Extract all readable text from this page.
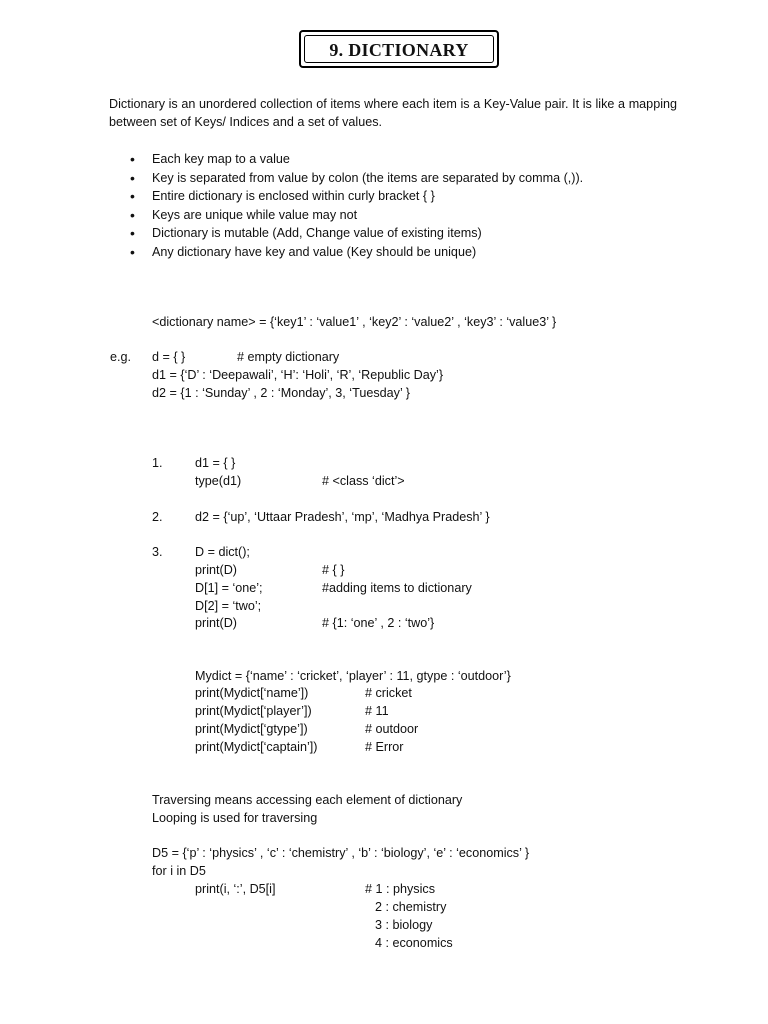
9. DICTIONARY
Dictionary is an unordered collection of items where each item is a Key-Value pair. It is like a mapping between set of Keys/ Indices and a set of values.
• Each key map to a value
• Key is separated from value by colon (the items are separated by comma (,)).
• Entire dictionary is enclosed within curly bracket { }
• Keys are unique while value may not
• Dictionary is mutable (Add, Change value of existing items)
• Any dictionary have key and value (Key should be unique)
<dictionary name> = {‘key1’ : ‘value1’ , ‘key2’ : ‘value2’ , ‘key3’ : ‘value3’ }
e.g. d = { }	# empty dictionary
d1 = {‘D’ : ‘Deepawali’, ‘H’: ‘Holi’, ‘R’, ‘Republic Day’}
d2 = {1 : ‘Sunday’ , 2 : ‘Monday’, 3, ‘Tuesday’ }
1.	d1 = { }
type(d1)	# <class ‘dict’>
2.	d2 = {‘up’, ‘Uttaar Pradesh’, ‘mp’, ‘Madhya Pradesh’ }
3.	D = dict();
print(D)	# { }
D[1] = ‘one’;	#adding items to dictionary
D[2] = ‘two’;
print(D)	# {1: ‘one’ , 2 : ‘two’}
Mydict = {‘name’ : ‘cricket’, ‘player’ : 11, gtype : ‘outdoor’}
print(Mydict[‘name’])	# cricket
print(Mydict[‘player’])	# 11
print(Mydict[‘gtype’])	# outdoor
print(Mydict[‘captain’])	# Error
Traversing means accessing each element of dictionary
Looping is used for traversing
D5 = {‘p’ : ‘physics’ , ‘c’ : ‘chemistry’ , ‘b’ : ‘biology’, ‘e’ : ‘economics’ }
for i in D5
print(i, ‘:’, D5[i]	# 1 : physics
2 : chemistry
3 : biology
4 : economics
